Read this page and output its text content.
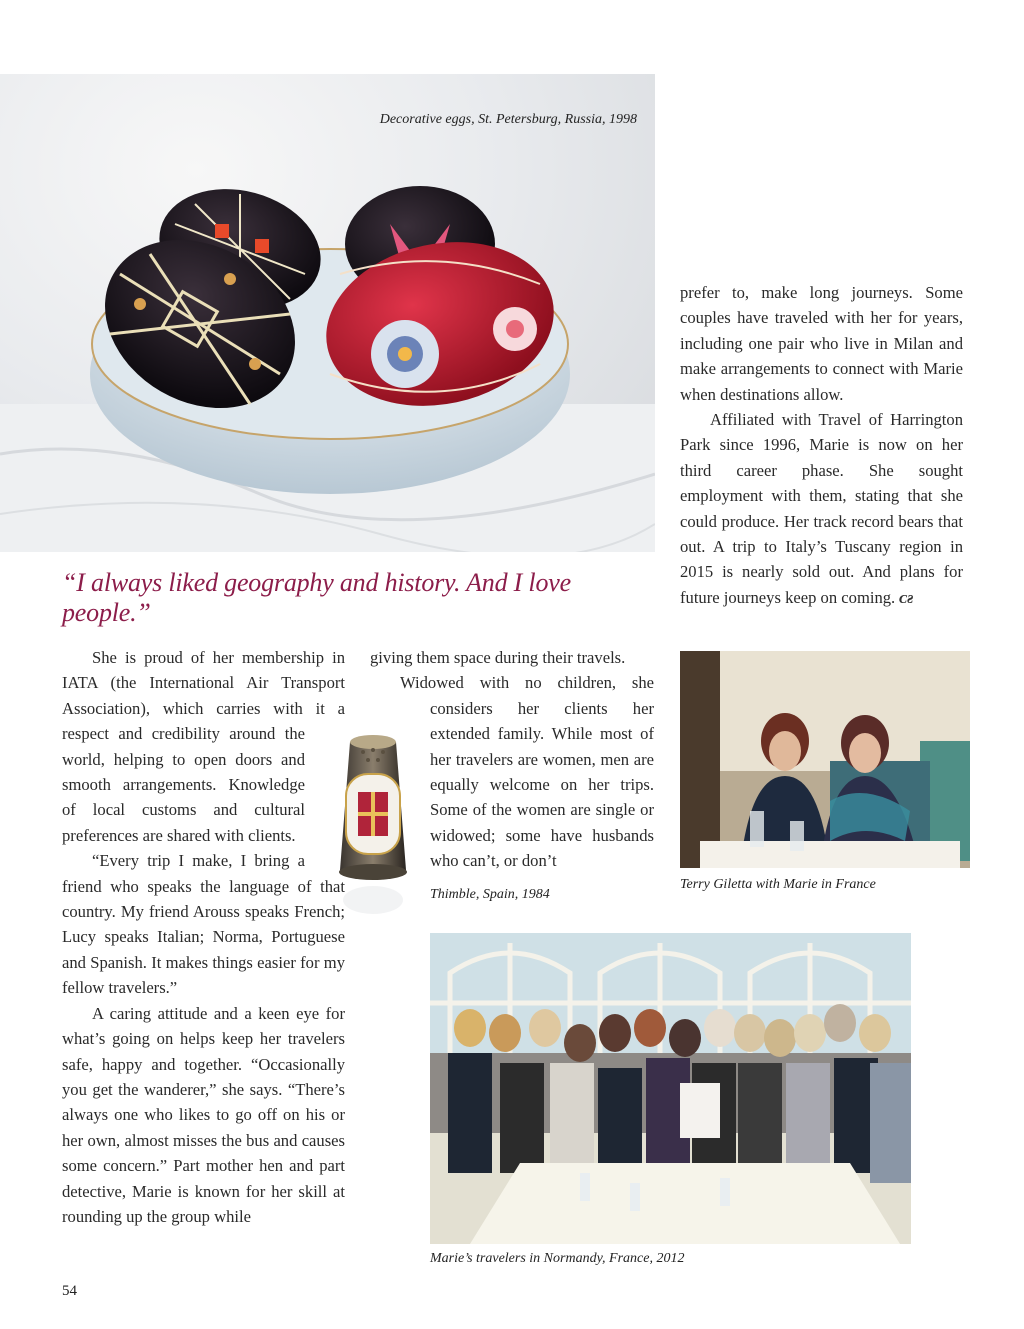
Decorative eggs, St. Petersburg, Russia, 1998
“I always liked geography and history. And I love people.”

prefer to, make long journeys. Some couples have traveled with her for years, including one pair who live in Milan and make arrangements to connect with Marie when destinations allow.

Affiliated with Travel of Harrington Park since 1996, Marie is now on her third career phase. She sought employment with them, stating that she could produce. Her track record bears that out. A trip to Italy’s Tuscany region in 2015 is nearly sold out. And plans for future journeys keep on coming. ᴄƨ

She is proud of her membership in IATA (the International Air Transport Association), which carries with it a respect and credibility around the world, helping to open doors and smooth arrangements. Knowledge of local customs and cultural preferences are shared with clients.

“Every trip I make, I bring a friend who speaks the language of that country. My friend Arouss speaks French; Lucy speaks Italian; Norma, Portuguese and Spanish. It makes things easier for my fellow travelers.”

A caring attitude and a keen eye for what’s going on helps keep her travelers safe, happy and together. “Occasionally you get the wanderer,” she says. “There’s always one who likes to go off on his or her own, almost misses the bus and causes some concern.” Part mother hen and part detective, Marie is known for her skill at rounding up the group while

giving them space during their travels.

Widowed with no children, she considers her clients her extended family. While most of her travelers are women, men are equally welcome on her trips. Some of the women are single or widowed; some have husbands who can’t, or don’t

Terry Giletta with Marie in France
Thimble, Spain, 1984
Marie’s travelers in Normandy, France, 2012
54
